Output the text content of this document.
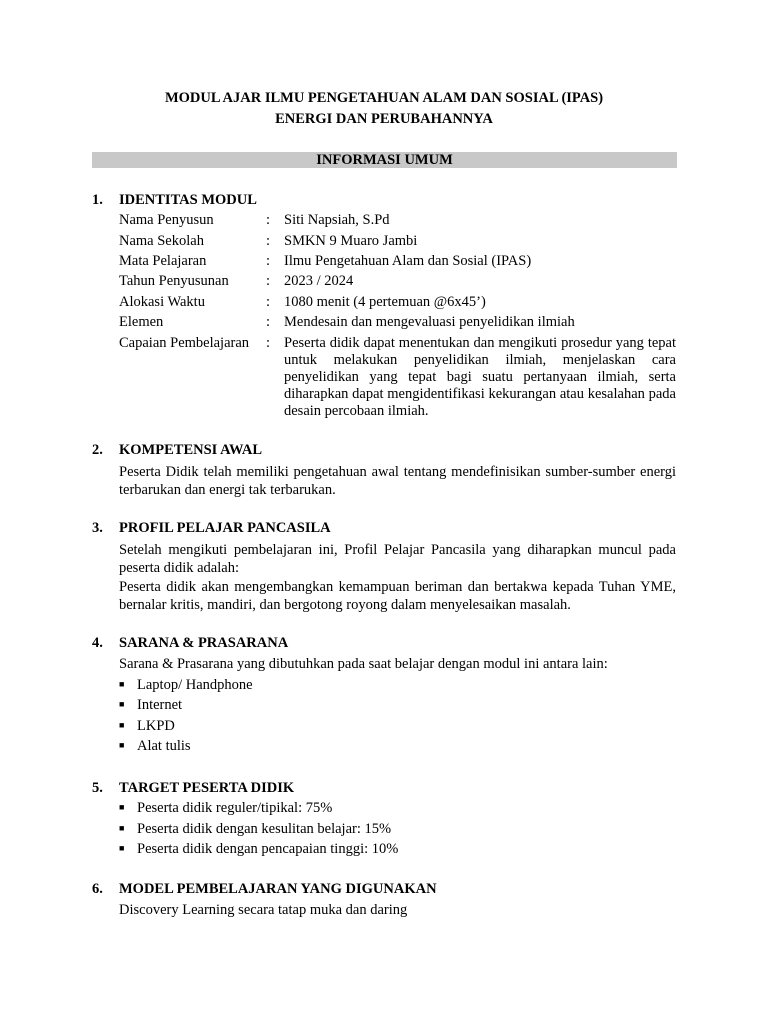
MODUL AJAR ILMU PENGETAHUAN ALAM DAN SOSIAL (IPAS)
ENERGI DAN PERUBAHANNYA
INFORMASI UMUM
1. IDENTITAS MODUL
Nama Penyusun	: Siti Napsiah, S.Pd
Nama Sekolah	: SMKN 9 Muaro Jambi
Mata Pelajaran	: Ilmu Pengetahuan Alam dan Sosial (IPAS)
Tahun Penyusunan	: 2023 / 2024
Alokasi Waktu	: 1080 menit (4 pertemuan @6x45’)
Elemen	: Mendesain dan mengevaluasi penyelidikan ilmiah
Capaian Pembelajaran : Peserta didik dapat menentukan dan mengikuti prosedur yang tepat untuk melakukan penyelidikan ilmiah, menjelaskan cara penyelidikan yang tepat bagi suatu pertanyaan ilmiah, serta diharapkan dapat mengidentifikasi kekurangan atau kesalahan pada desain percobaan ilmiah.
2. KOMPETENSI AWAL
Peserta Didik telah memiliki pengetahuan awal tentang mendefinisikan sumber-sumber energi terbarukan dan energi tak terbarukan.
3. PROFIL PELAJAR PANCASILA
Setelah mengikuti pembelajaran ini, Profil Pelajar Pancasila yang diharapkan muncul pada peserta didik adalah:
Peserta didik akan mengembangkan kemampuan beriman dan bertakwa kepada Tuhan YME, bernalar kritis, mandiri, dan bergotong royong dalam menyelesaikan masalah.
4. SARANA & PRASARANA
Sarana & Prasarana yang dibutuhkan pada saat belajar dengan modul ini antara lain:
■ Laptop/ Handphone
■ Internet
■ LKPD
■ Alat tulis
5. TARGET PESERTA DIDIK
■ Peserta didik reguler/tipikal: 75%
■ Peserta didik dengan kesulitan belajar: 15%
■ Peserta didik dengan pencapaian tinggi: 10%
6. MODEL PEMBELAJARAN YANG DIGUNAKAN
Discovery Learning secara tatap muka dan daring
